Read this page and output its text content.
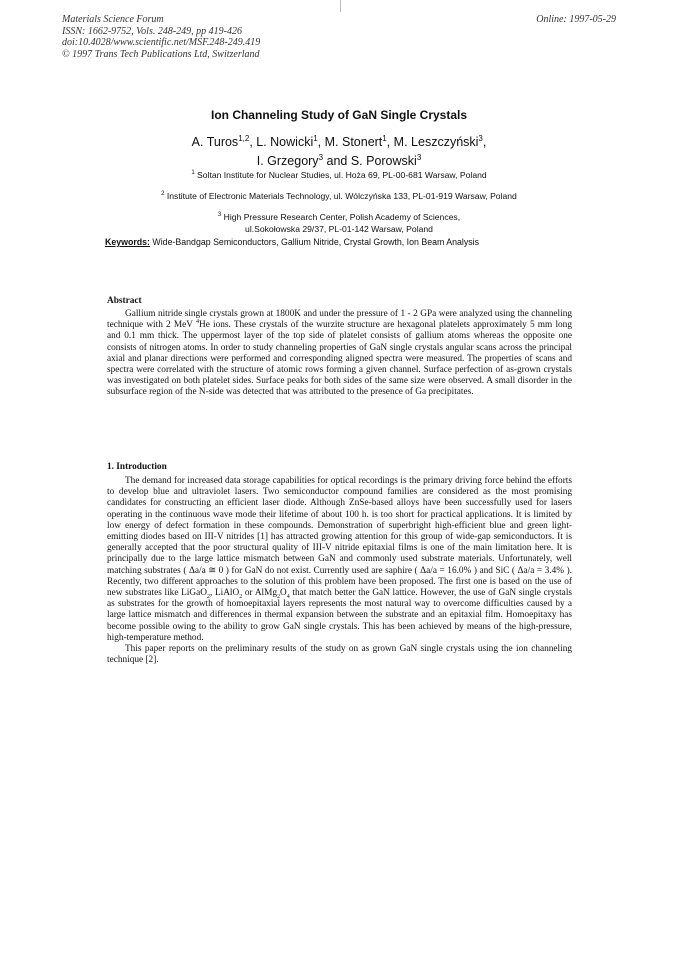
Materials Science Forum
ISSN: 1662-9752, Vols. 248-249, pp 419-426
doi:10.4028/www.scientific.net/MSF.248-249.419
© 1997 Trans Tech Publications Ltd, Switzerland
Online: 1997-05-29
Ion Channeling Study of GaN Single Crystals
A. Turos$^{1,2}$, L. Nowicki$^1$, M. Stonert$^1$, M. Leszczyński$^3$,
I. Grzegory$^3$ and S. Porowski$^3$
$^1$ Soltan Institute for Nuclear Studies, ul. Hoża 69, PL-00-681 Warsaw, Poland
$^2$ Institute of Electronic Materials Technology, ul. Wólczyńska 133, PL-01-919 Warsaw, Poland
$^3$ High Pressure Research Center, Polish Academy of Sciences,
ul.Sokołowska 29/37, PL-01-142 Warsaw, Poland
Keywords: Wide-Bandgap Semiconductors, Gallium Nitride, Crystal Growth, Ion Beam Analysis
Abstract

Gallium nitride single crystals grown at 1800K and under the pressure of 1 - 2 GPa were analyzed using the channeling technique with 2 MeV $^4$He ions. These crystals of the wurzite structure are hexagonal platelets approximately 5 mm long and 0.1 mm thick. The uppermost layer of the top side of platelet consists of gallium atoms whereas the opposite one consists of nitrogen atoms. In order to study channeling properties of GaN single crystals angular scans across the principal axial and planar directions were performed and corresponding aligned spectra were measured. The properties of scans and spectra were correlated with the structure of atomic rows forming a given channel. Surface perfection of as-grown crystals was investigated on both platelet sides. Surface peaks for both sides of the same size were observed. A small disorder in the subsurface region of the N-side was detected that was attributed to the presence of Ga precipitates.

1. Introduction

The demand for increased data storage capabilities for optical recordings is the primary driving force behind the efforts to develop blue and ultraviolet lasers. Two semiconductor compound families are considered as the most promising candidates for constructing an efficient laser diode. Although ZnSe-based alloys have been successfully used for lasers operating in the continuous wave mode their lifetime of about 100 h. is too short for practical applications. It is limited by low energy of defect formation in these compounds. Demonstration of superbright high-efficient blue and green light-emitting diodes based on III-V nitrides [1] has attracted growing attention for this group of wide-gap semiconductors. It is generally accepted that the poor structural quality of III-V nitride epitaxial films is one of the main limitation here. It is principally due to the large lattice mismatch between GaN and commonly used substrate materials. Unfortunately, well matching substrates ( Δa/a ≅ 0 ) for GaN do not exist. Currently used are saphire ( Δa/a = 16.0% ) and SiC ( Δa/a = 3.4% ). Recently, two different approaches to the solution of this problem have been proposed. The first one is based on the use of new substrates like LiGaO$_2$, LiAlO$_2$ or $AlMg_2O_4$ that match better the GaN lattice. However, the use of GaN single crystals as substrates for the growth of homoepitaxial layers represents the most natural way to overcome difficulties caused by a large lattice mismatch and differences in thermal expansion between the substrate and an epitaxial film. Homoepitaxy has become possible owing to the ability to grow GaN single crystals. This has been achieved by means of the high-pressure, high-temperature method.

This paper reports on the preliminary results of the study on as grown GaN single crystals using the ion channeling technique [2].
